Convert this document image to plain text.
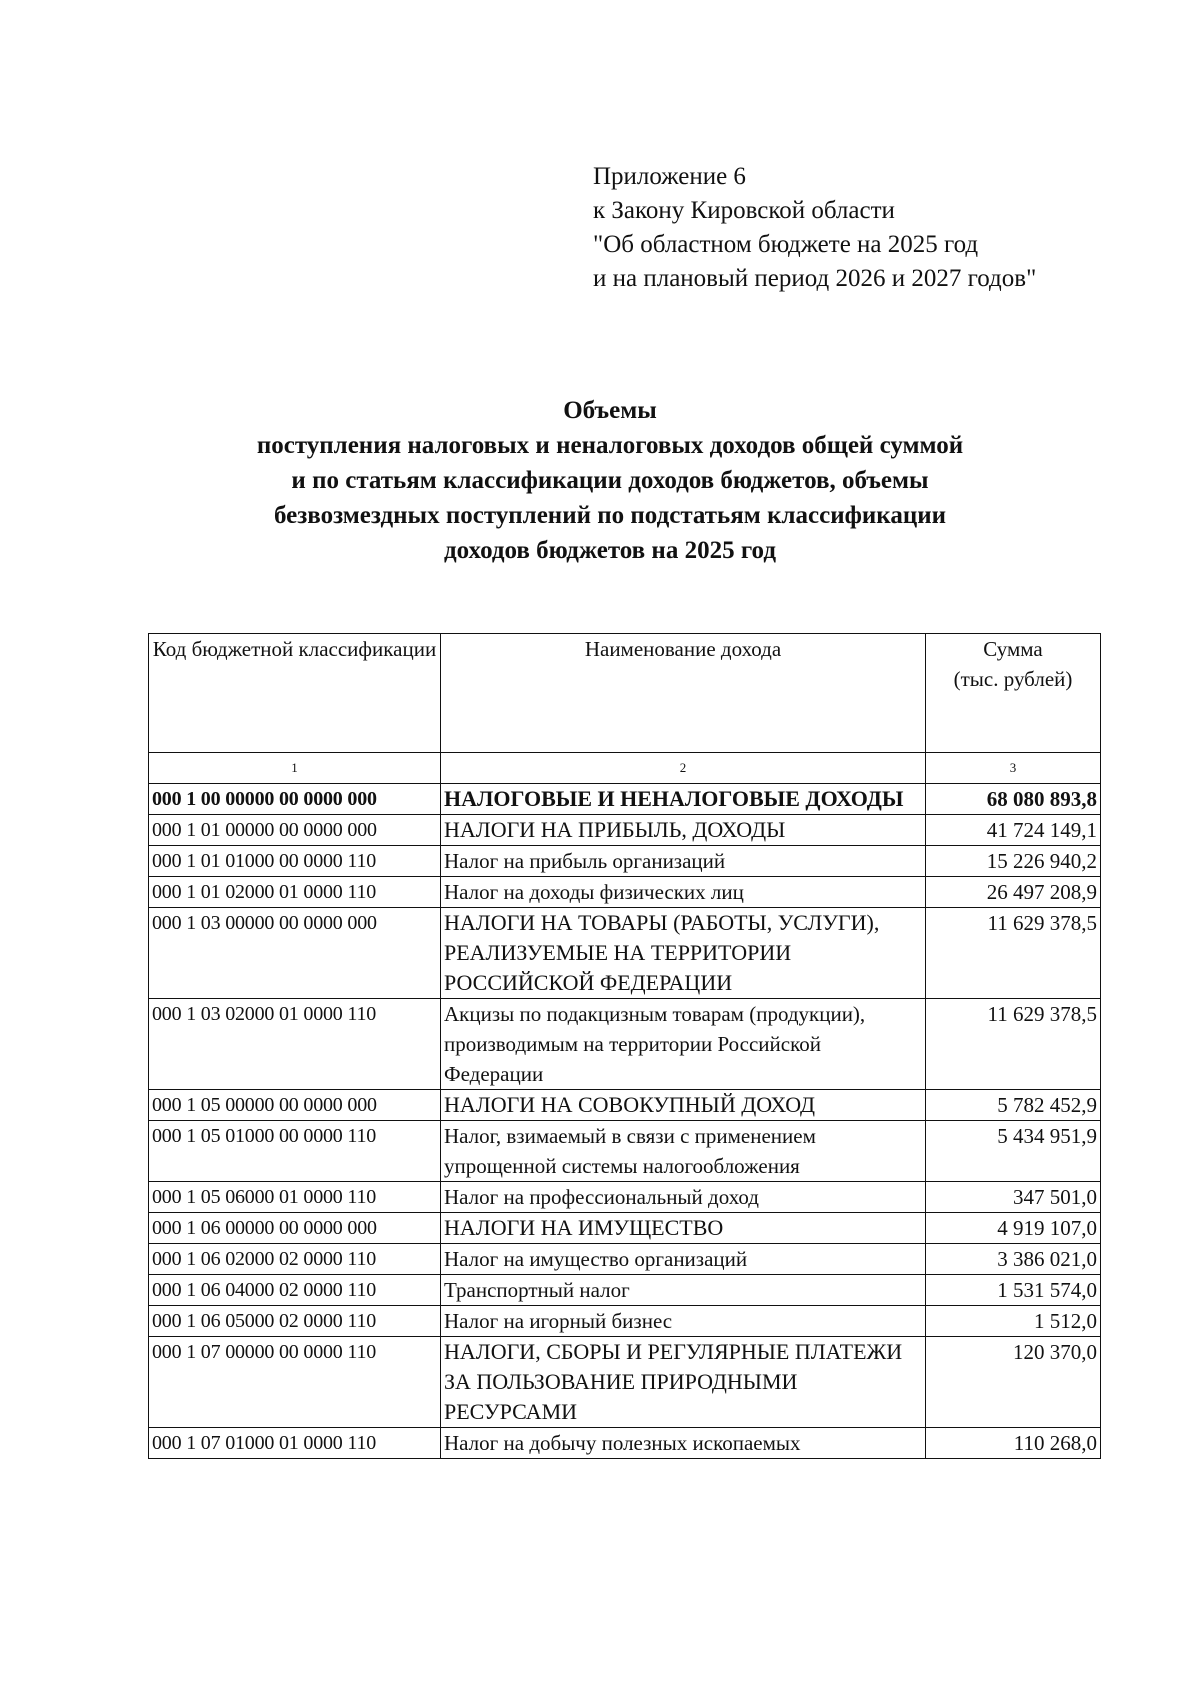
Приложение 6
к Закону Кировской области
"Об областном бюджете на 2025 год
и на плановый период 2026 и 2027 годов"
Объемы
поступления налоговых и неналоговых доходов общей суммой
и по статьям классификации доходов бюджетов, объемы
безвозмездных поступлений по подстатьям классификации
доходов бюджетов на 2025 год
Код бюджетной классификации	Наименование дохода	Сумма
(тыс. рублей)

1	2	3
000 1 00 00000 00 0000 000	НАЛОГОВЫЕ И НЕНАЛОГОВЫЕ ДОХОДЫ	68 080 893,8
000 1 01 00000 00 0000 000	НАЛОГИ НА ПРИБЫЛЬ, ДОХОДЫ	41 724 149,1
000 1 01 01000 00 0000 110	Налог на прибыль организаций	15 226 940,2
000 1 01 02000 01 0000 110	Налог на доходы физических лиц	26 497 208,9
000 1 03 00000 00 0000 000	НАЛОГИ НА ТОВАРЫ (РАБОТЫ, УСЛУГИ), РЕАЛИЗУЕМЫЕ НА ТЕРРИТОРИИ РОССИЙСКОЙ ФЕДЕРАЦИИ	11 629 378,5
000 1 03 02000 01 0000 110	Акцизы по подакцизным товарам (продукции), производимым на территории Российской Федерации	11 629 378,5
000 1 05 00000 00 0000 000	НАЛОГИ НА СОВОКУПНЫЙ ДОХОД	5 782 452,9
000 1 05 01000 00 0000 110	Налог, взимаемый в связи с применением упрощенной системы налогообложения	5 434 951,9
000 1 05 06000 01 0000 110	Налог на профессиональный доход	347 501,0
000 1 06 00000 00 0000 000	НАЛОГИ НА ИМУЩЕСТВО	4 919 107,0
000 1 06 02000 02 0000 110	Налог на имущество организаций	3 386 021,0
000 1 06 04000 02 0000 110	Транспортный налог	1 531 574,0
000 1 06 05000 02 0000 110	Налог на игорный бизнес	1 512,0
000 1 07 00000 00 0000 110	НАЛОГИ, СБОРЫ И РЕГУЛЯРНЫЕ ПЛАТЕЖИ ЗА ПОЛЬЗОВАНИЕ ПРИРОДНЫМИ РЕСУРСАМИ	120 370,0
000 1 07 01000 01 0000 110	Налог на добычу полезных ископаемых	110 268,0
